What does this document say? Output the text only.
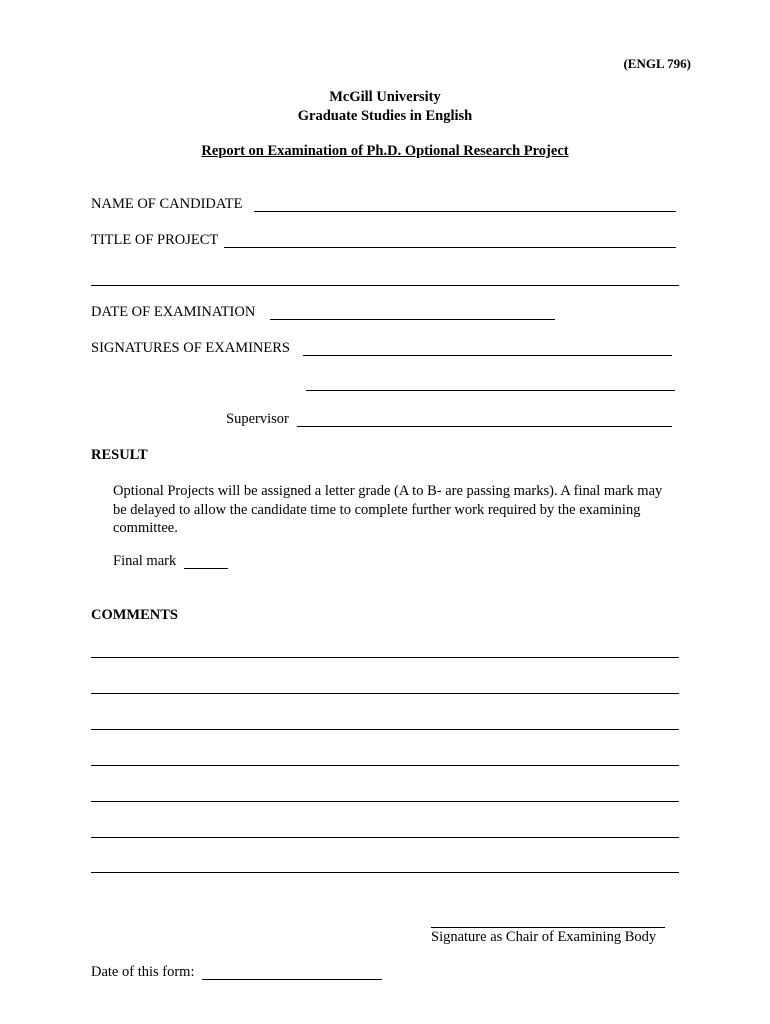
(ENGL 796)
McGill University
Graduate Studies in English
Report on Examination of Ph.D. Optional Research Project
NAME OF CANDIDATE
TITLE OF PROJECT
DATE OF EXAMINATION
SIGNATURES OF EXAMINERS
Supervisor
RESULT
Optional Projects will be assigned a letter grade (A to B- are passing marks). A final mark may be delayed to allow the candidate time to complete further work required by the examining committee.
Final mark
COMMENTS
Signature as Chair of Examining Body
Date of this form:
